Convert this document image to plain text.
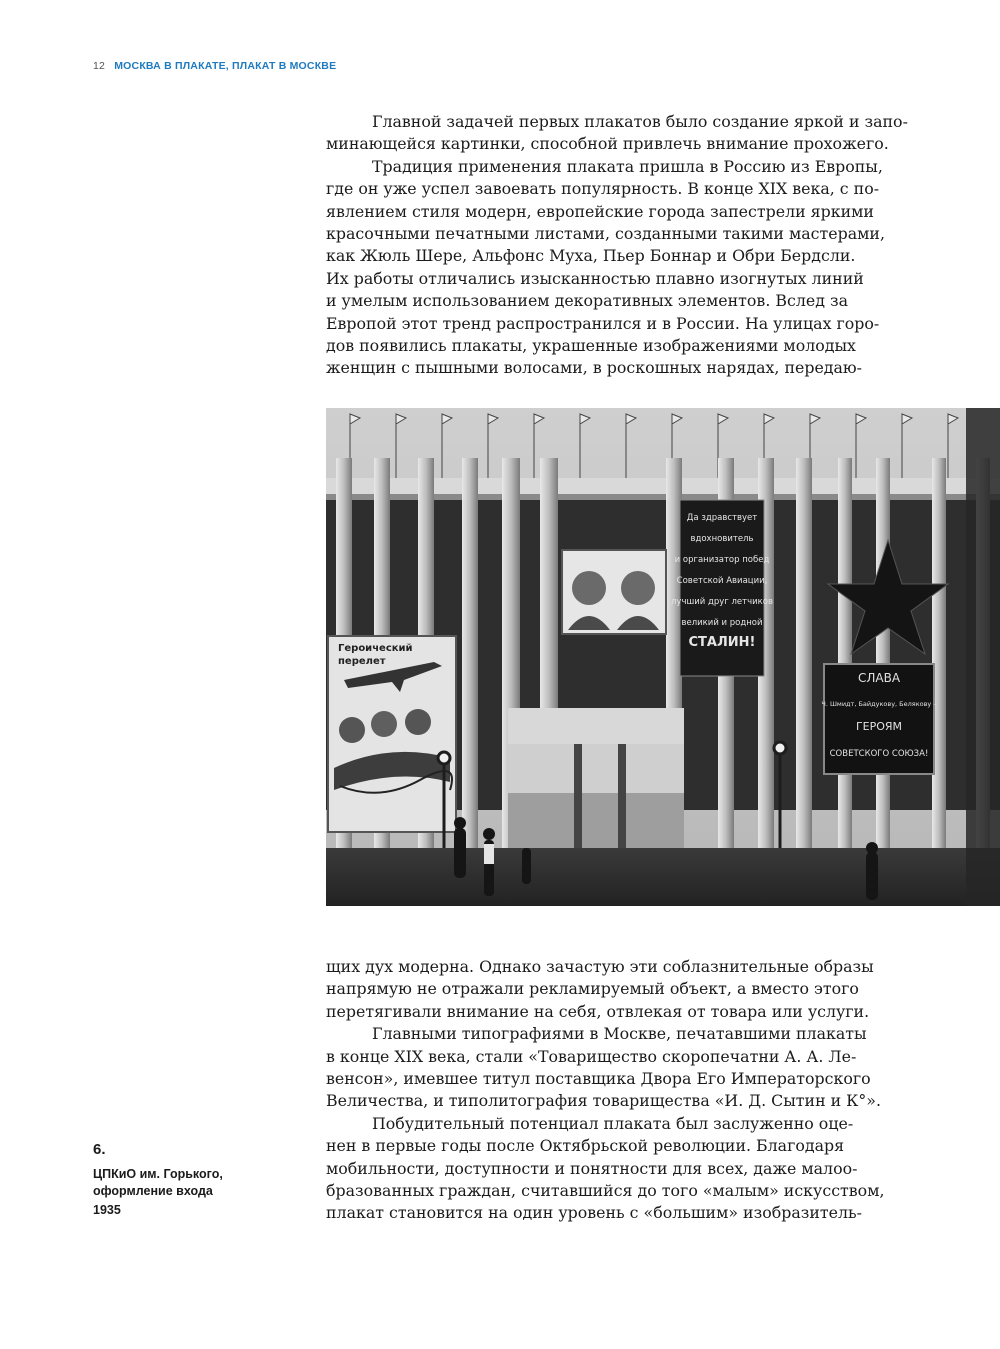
12 МОСКВА В ПЛАКАТЕ, ПЛАКАТ В МОСКВЕ
Главной задачей первых плакатов было создание яркой и запо-
минающейся картинки, способной привлечь внимание прохожего.
Традиция применения плаката пришла в Россию из Европы,
где он уже успел завоевать популярность. В конце XIX века, с по-
явлением стиля модерн, европейские города запестрели яркими
красочными печатными листами, созданными такими мастерами,
как Жюль Шере, Альфонс Муха, Пьер Боннар и Обри Бердсли.
Их работы отличались изысканностью плавно изогнутых линий
и умелым использованием декоративных элементов. Вслед за
Европой этот тренд распространился и в России. На улицах горо-
дов появились плакаты, украшенные изображениями молодых
женщин с пышными волосами, в роскошных нарядах, передаю-
Да здравствует
вдохновитель
и организатор побед
Советской Авиации,
лучший друг летчиков
великий и родной
СТАЛИН!
Героический
перелет
СЛАВА
Ч. Шмидт, Байдукову, Белякову –
ГЕРОЯМ
СОВЕТСКОГО СОЮЗА!
щих дух модерна. Однако зачастую эти соблазнительные образы
напрямую не отражали рекламируемый объект, а вместо этого
перетягивали внимание на себя, отвлекая от товара или услуги.
Главными типографиями в Москве, печатавшими плакаты
в конце XIX века, стали «Товарищество скоропечатни А. А. Ле-
венсон», имевшее титул поставщика Двора Его Императорского
Величества, и типолитография товарищества «И. Д. Сытин и К°».
Побудительный потенциал плаката был заслуженно оце-
нен в первые годы после Октябрьской революции. Благодаря
мобильности, доступности и понятности для всех, даже малоо-
бразованных граждан, считавшийся до того «малым» искусством,
плакат становится на один уровень с «большим» изобразитель-
6.
ЦПКиО им. Горького, оформление входа
1935
